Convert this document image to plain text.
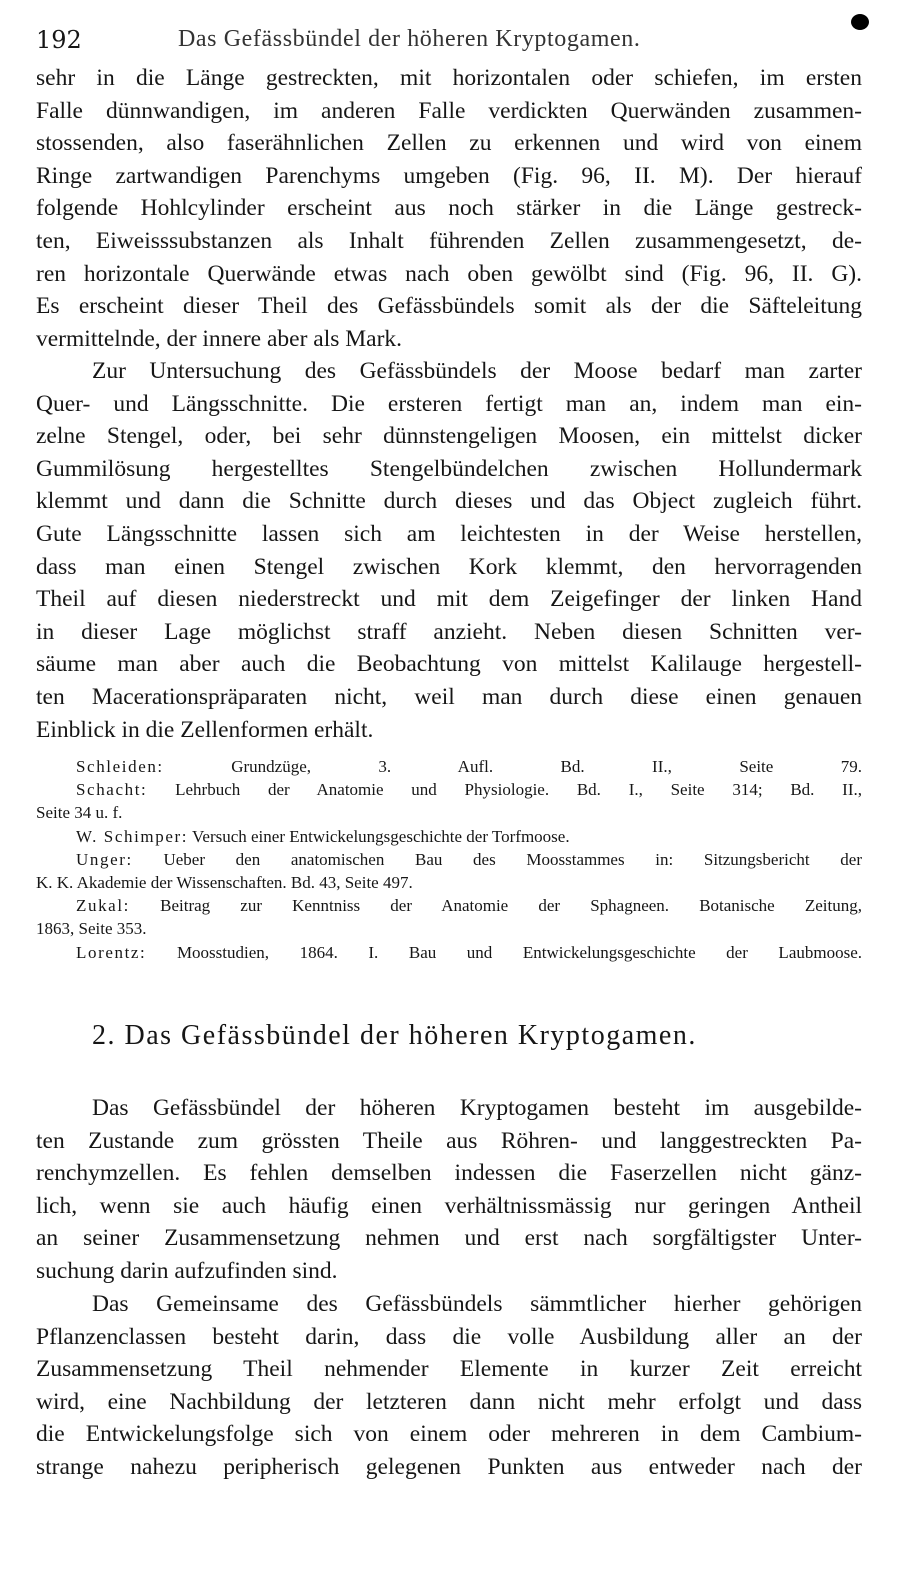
192	Das Gefässbündel der höheren Kryptogamen.
sehr in die Länge gestreckten, mit horizontalen oder schiefen, im ersten
Falle dünnwandigen, im anderen Falle verdickten Querwänden zusammen-
stossenden, also faserähnlichen Zellen zu erkennen und wird von einem
Ringe zartwandigen Parenchyms umgeben (Fig. 96, II. M). Der hierauf
folgende Hohlcylinder erscheint aus noch stärker in die Länge gestreck-
ten, Eiweisssubstanzen als Inhalt führenden Zellen zusammengesetzt, de-
ren horizontale Querwände etwas nach oben gewölbt sind (Fig. 96, II. G).
Es erscheint dieser Theil des Gefässbündels somit als der die Säfteleitung
vermittelnde, der innere aber als Mark.
Zur Untersuchung des Gefässbündels der Moose bedarf man zarter
Quer- und Längsschnitte. Die ersteren fertigt man an, indem man ein-
zelne Stengel, oder, bei sehr dünnstengeligen Moosen, ein mittelst dicker
Gummilösung hergestelltes Stengelbündelchen zwischen Hollundermark
klemmt und dann die Schnitte durch dieses und das Object zugleich führt.
Gute Längsschnitte lassen sich am leichtesten in der Weise herstellen,
dass man einen Stengel zwischen Kork klemmt, den hervorragenden
Theil auf diesen niederstreckt und mit dem Zeigefinger der linken Hand
in dieser Lage möglichst straff anzieht. Neben diesen Schnitten ver-
säume man aber auch die Beobachtung von mittelst Kalilauge hergestell-
ten Macerationspräparaten nicht, weil man durch diese einen genauen
Einblick in die Zellenformen erhält.
Schleiden: Grundzüge, 3. Aufl. Bd. II., Seite 79.
Schacht: Lehrbuch der Anatomie und Physiologie. Bd. I., Seite 314; Bd. II.,
Seite 34 u. f.
W. Schimper: Versuch einer Entwickelungsgeschichte der Torfmoose.
Unger: Ueber den anatomischen Bau des Moosstammes in: Sitzungsbericht der
K. K. Akademie der Wissenschaften. Bd. 43, Seite 497.
Zukal: Beitrag zur Kenntniss der Anatomie der Sphagneen. Botanische Zeitung,
1863, Seite 353.
Lorentz: Moosstudien, 1864. I. Bau und Entwickelungsgeschichte der Laubmoose.
2. Das Gefässbündel der höheren Kryptogamen.
Das Gefässbündel der höheren Kryptogamen besteht im ausgebilde-
ten Zustande zum grössten Theile aus Röhren- und langgestreckten Pa-
renchymzellen. Es fehlen demselben indessen die Faserzellen nicht gänz-
lich, wenn sie auch häufig einen verhältnissmässig nur geringen Antheil
an seiner Zusammensetzung nehmen und erst nach sorgfältigster Unter-
suchung darin aufzufinden sind.
Das Gemeinsame des Gefässbündels sämmtlicher hierher gehörigen
Pflanzenclassen besteht darin, dass die volle Ausbildung aller an der
Zusammensetzung Theil nehmender Elemente in kurzer Zeit erreicht
wird, eine Nachbildung der letzteren dann nicht mehr erfolgt und dass
die Entwickelungsfolge sich von einem oder mehreren in dem Cambium-
strange nahezu peripherisch gelegenen Punkten aus entweder nach der
